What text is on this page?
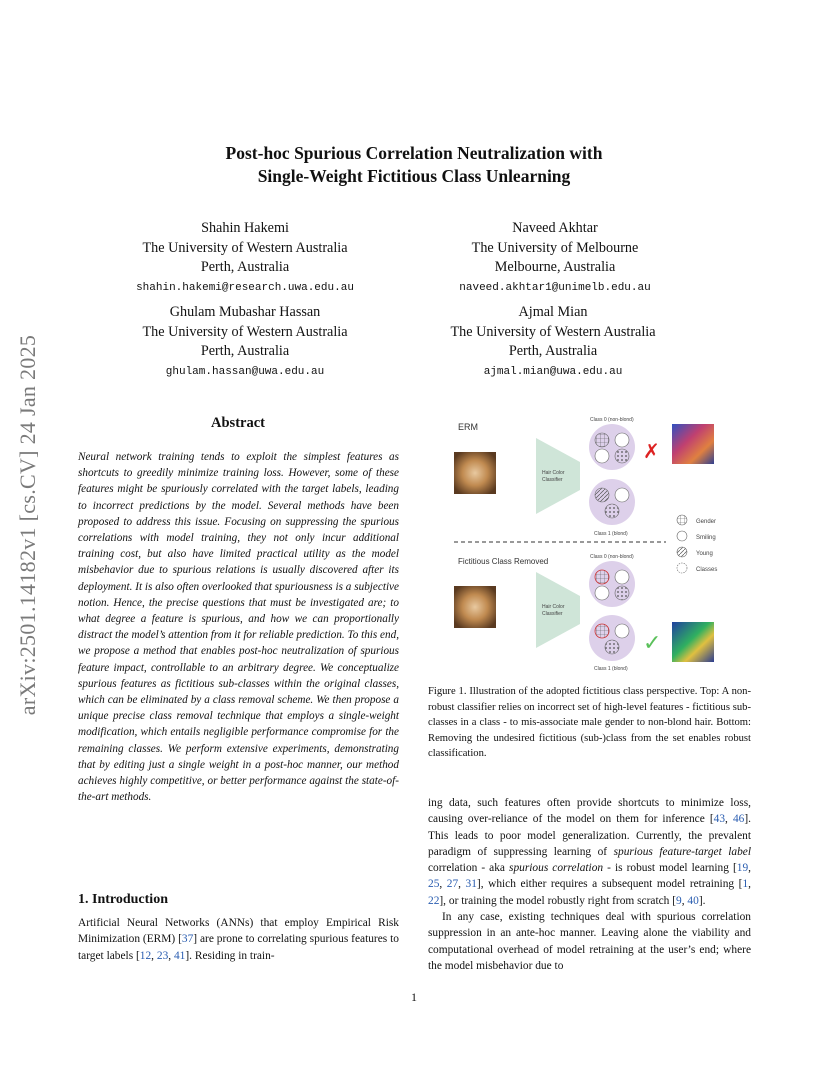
arXiv:2501.14182v1 [cs.CV] 24 Jan 2025
Post-hoc Spurious Correlation Neutralization with
Single-Weight Fictitious Class Unlearning
Shahin Hakemi
The University of Western Australia
Perth, Australia
shahin.hakemi@research.uwa.edu.au
Naveed Akhtar
The University of Melbourne
Melbourne, Australia
naveed.akhtar1@unimelb.edu.au
Ghulam Mubashar Hassan
The University of Western Australia
Perth, Australia
ghulam.hassan@uwa.edu.au
Ajmal Mian
The University of Western Australia
Perth, Australia
ajmal.mian@uwa.edu.au
Abstract
Neural network training tends to exploit the simplest features as shortcuts to greedily minimize training loss. However, some of these features might be spuriously correlated with the target labels, leading to incorrect predictions by the model. Several methods have been proposed to address this issue. Focusing on suppressing the spurious correlations with model training, they not only incur additional training cost, but also have limited practical utility as the model misbehavior due to spurious relations is usually discovered after its deployment. It is also often overlooked that spuriousness is a subjective notion. Hence, the precise questions that must be investigated are; to what degree a feature is spurious, and how we can proportionally distract the model’s attention from it for reliable prediction. To this end, we propose a method that enables post-hoc neutralization of spurious feature impact, controllable to an arbitrary degree. We conceptualize spurious features as fictitious sub-classes within the original classes, which can be eliminated by a class removal scheme. We then propose a unique precise class removal technique that employs a single-weight modification, which entails negligible performance compromise for the remaining classes. We perform extensive experiments, demonstrating that by editing just a single weight in a post-hoc manner, our method achieves highly competitive, or better performance against the state-of-the-art methods.
1. Introduction
Artificial Neural Networks (ANNs) that employ Empirical Risk Minimization (ERM) [37] are prone to correlating spurious features to target labels [12, 23, 41]. Residing in train-
ERM
Hair Color
Classifier
Class 0 (non-blond)
✗
Class 1 (blond)
Gender
Smiling
Young
Classes
Fictitious Class Removed
Hair Color
Classifier
Class 0 (non-blond)
✓
Class 1 (blond)
Figure 1. Illustration of the adopted fictitious class perspective. Top: A non-robust classifier relies on incorrect set of high-level features - fictitious sub-classes in a class - to mis-associate male gender to non-blond hair. Bottom: Removing the undesired fictitious (sub-)class from the set enables robust classification.
ing data, such features often provide shortcuts to minimize loss, causing over-reliance of the model on them for inference [43, 46]. This leads to poor model generalization. Currently, the prevalent paradigm of suppressing learning of spurious feature-target label correlation - aka spurious correlation - is robust model learning [19, 25, 27, 31], which either requires a subsequent model retraining [1, 22], or training the model robustly right from scratch [9, 40].
In any case, existing techniques deal with spurious correlation suppression in an ante-hoc manner. Leaving alone the viability and computational overhead of model retraining at the user’s end; where the model misbehavior due to
1
